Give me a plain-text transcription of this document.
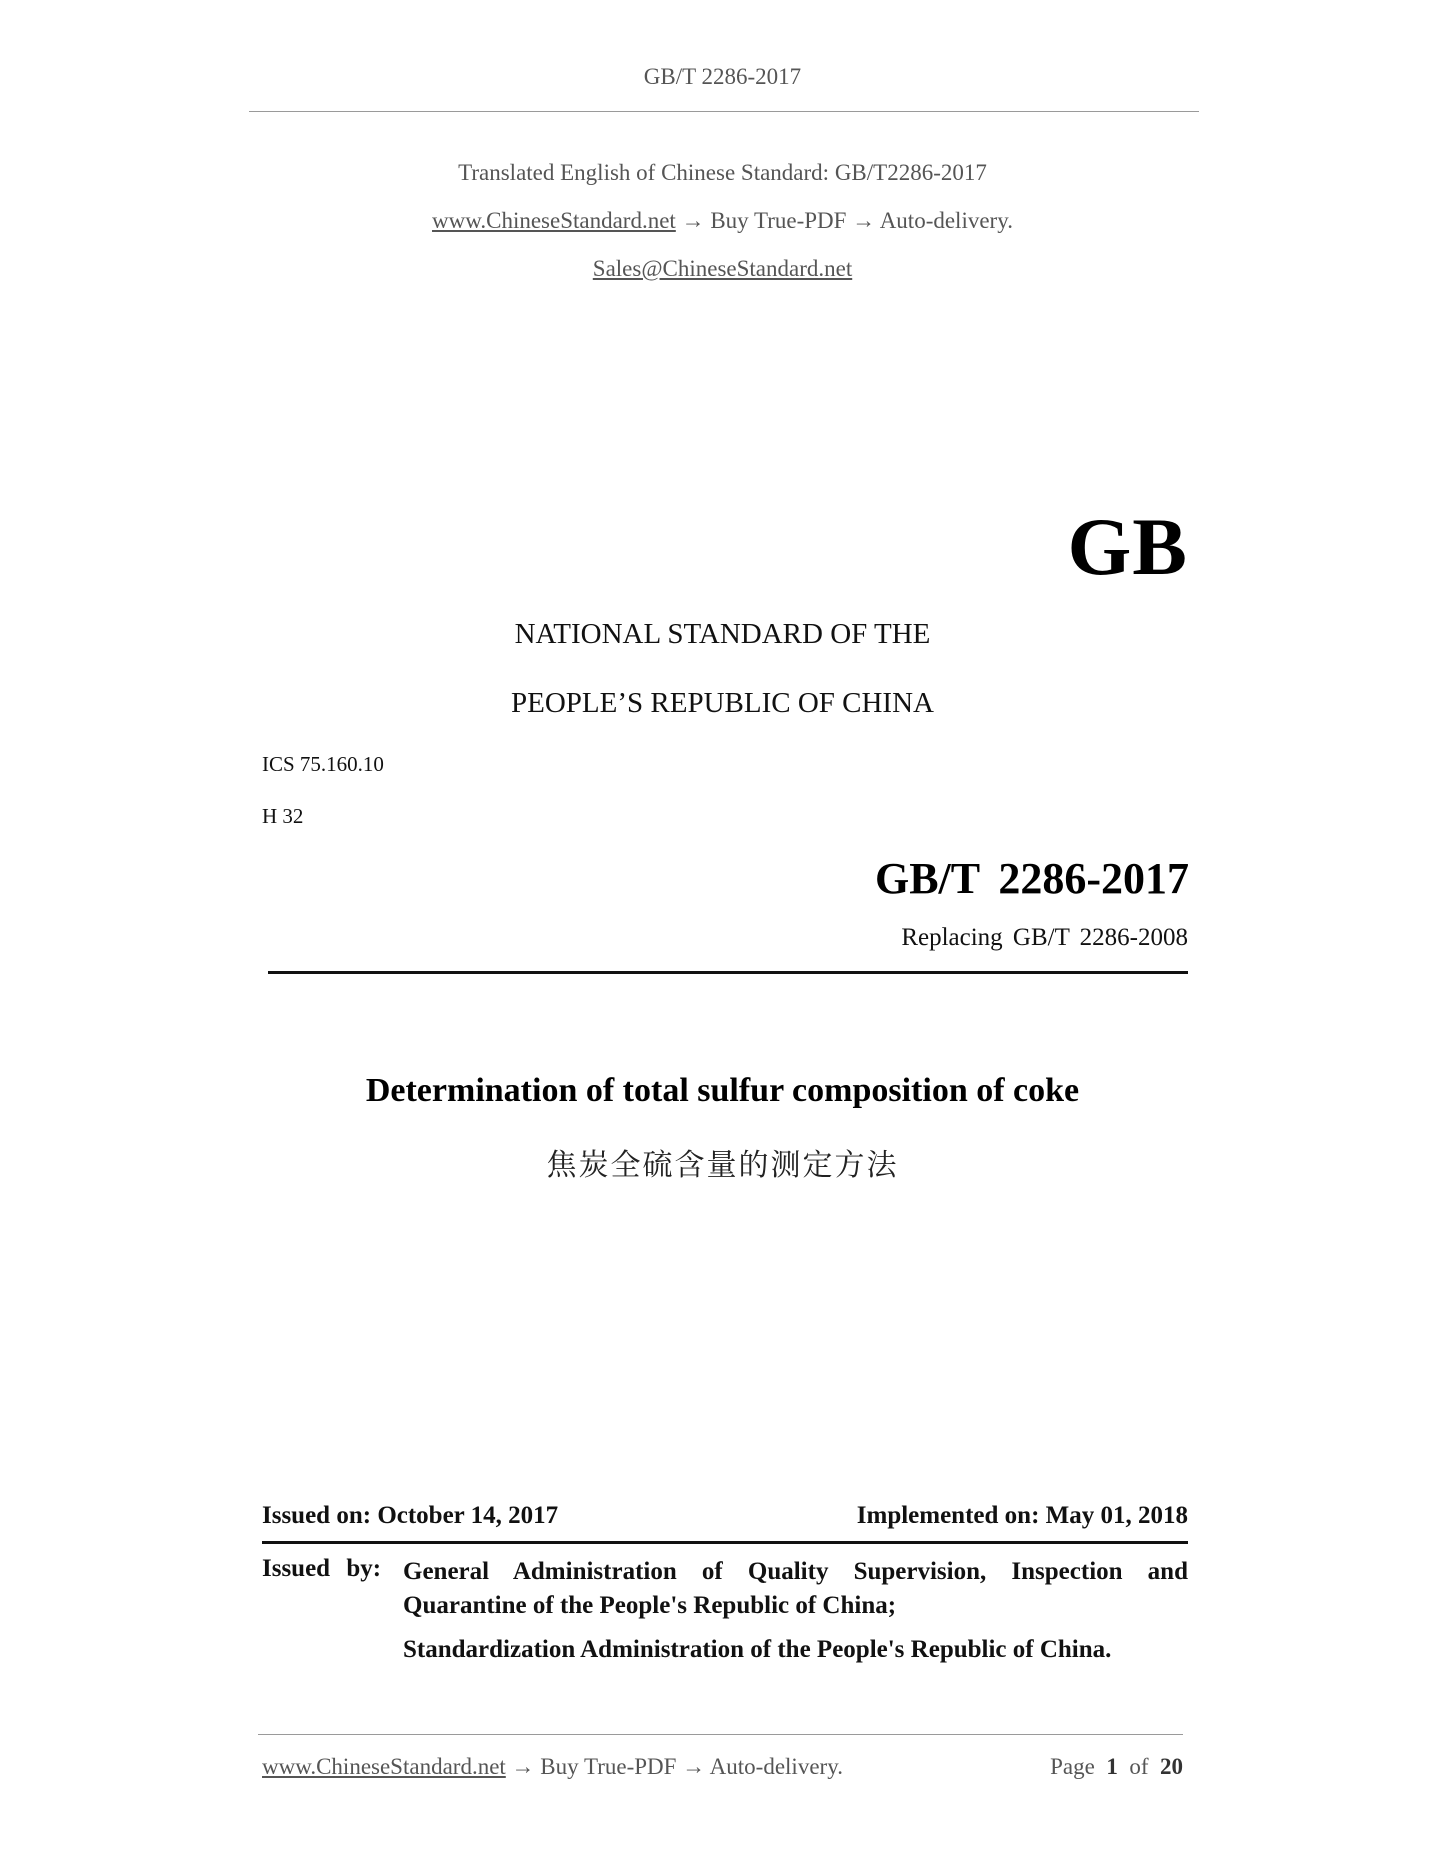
GB/T 2286-2017
Translated English of Chinese Standard: GB/T2286-2017
www.ChineseStandard.net → Buy True-PDF → Auto-delivery.
Sales@ChineseStandard.net
GB
NATIONAL STANDARD OF THE
PEOPLE’S REPUBLIC OF CHINA
ICS 75.160.10
H 32
GB/T 2286-2017
Replacing GB/T 2286-2008
Determination of total sulfur composition of coke
焦炭全硫含量的测定方法
Issued on: October 14, 2017	Implemented on: May 01, 2018
Issued by: General Administration of Quality Supervision, Inspection and Quarantine of the People's Republic of China;
Standardization Administration of the People's Republic of China.
www.ChineseStandard.net → Buy True-PDF → Auto-delivery.	Page 1 of 20
